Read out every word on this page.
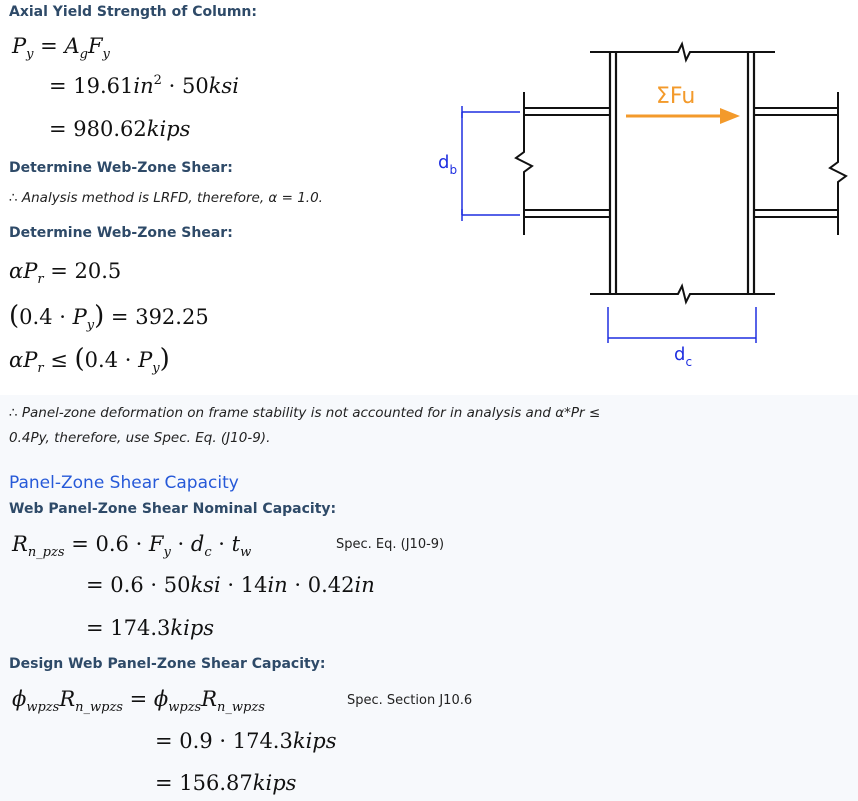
Axial Yield Strength of Column:
$P_y = A_gF_y$
= $19.61in^2 \cdot 50ksi$
= 980.62kips
Determine Web-Zone Shear:
∴ Analysis method is LRFD, therefore, α = 1.0.
Determine Web-Zone Shear:
$\alpha P_r = 20.5$
$(0.4 \cdot P_y) = 392.25$
$\alpha P_r \le (0.4 \cdot P_y)$
∴ Panel-zone deformation on frame stability is not accounted for in analysis and α*Pr ≤
0.4Py, therefore, use Spec. Eq. (J10-9).
Panel-Zone Shear Capacity
Web Panel-Zone Shear Nominal Capacity:
$R_{n\_pzs} = 0.6 \cdot F_y \cdot d_c \cdot t_w$
Spec. Eq. (J10-9)
= 0.6 · 50ksi · 14in · 0.42in
= 174.3kips
Design Web Panel-Zone Shear Capacity:
$\phi_{wpzs}R_{n\_wpzs} = \phi_{wpzs}R_{n\_wpzs}$	Spec. Section J10.6
= 0.9 · 174.3kips
= 156.87kips
ΣFu
$d_b$
$d_c$
